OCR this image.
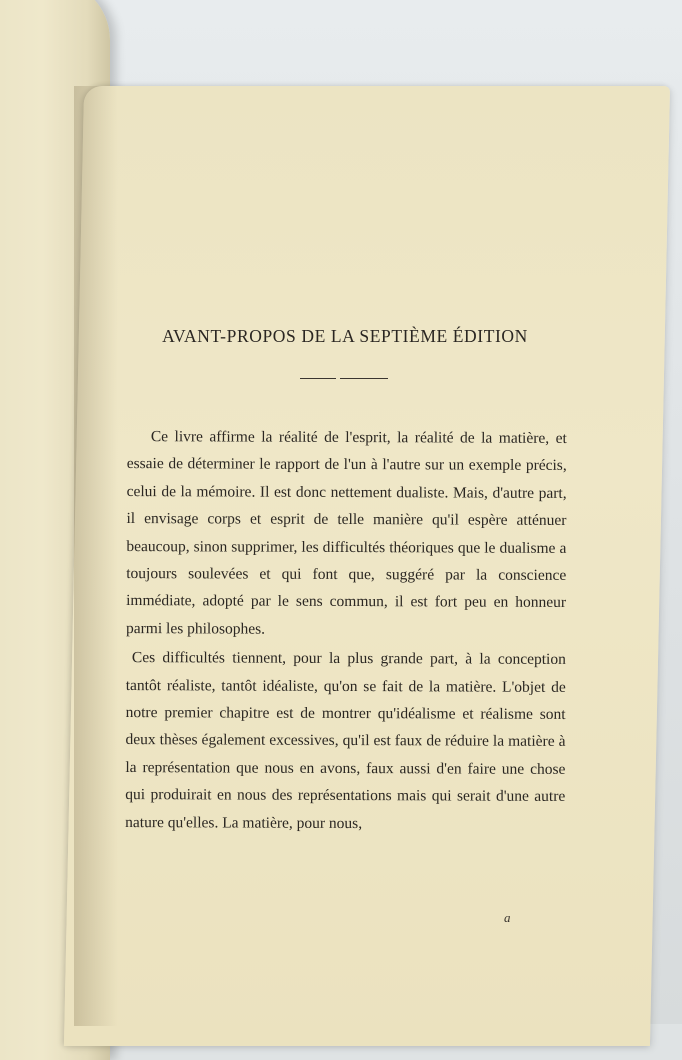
AVANT-PROPOS DE LA SEPTIÈME ÉDITION

Ce livre affirme la réalité de l'esprit, la réalité de la matière, et essaie de déterminer le rapport de l'un à l'autre sur un exemple précis, celui de la mémoire. Il est donc nettement dualiste. Mais, d'autre part, il envisage corps et esprit de telle manière qu'il espère atténuer beaucoup, sinon supprimer, les difficultés théoriques que le dualisme a toujours soulevées et qui font que, suggéré par la conscience immédiate, adopté par le sens commun, il est fort peu en honneur parmi les philosophes.

Ces difficultés tiennent, pour la plus grande part, à la conception tantôt réaliste, tantôt idéaliste, qu'on se fait de la matière. L'objet de notre premier chapitre est de montrer qu'idéalisme et réalisme sont deux thèses également excessives, qu'il est faux de réduire la matière à la représentation que nous en avons, faux aussi d'en faire une chose qui produirait en nous des représentations mais qui serait d'une autre nature qu'elles. La matière, pour nous,

a
